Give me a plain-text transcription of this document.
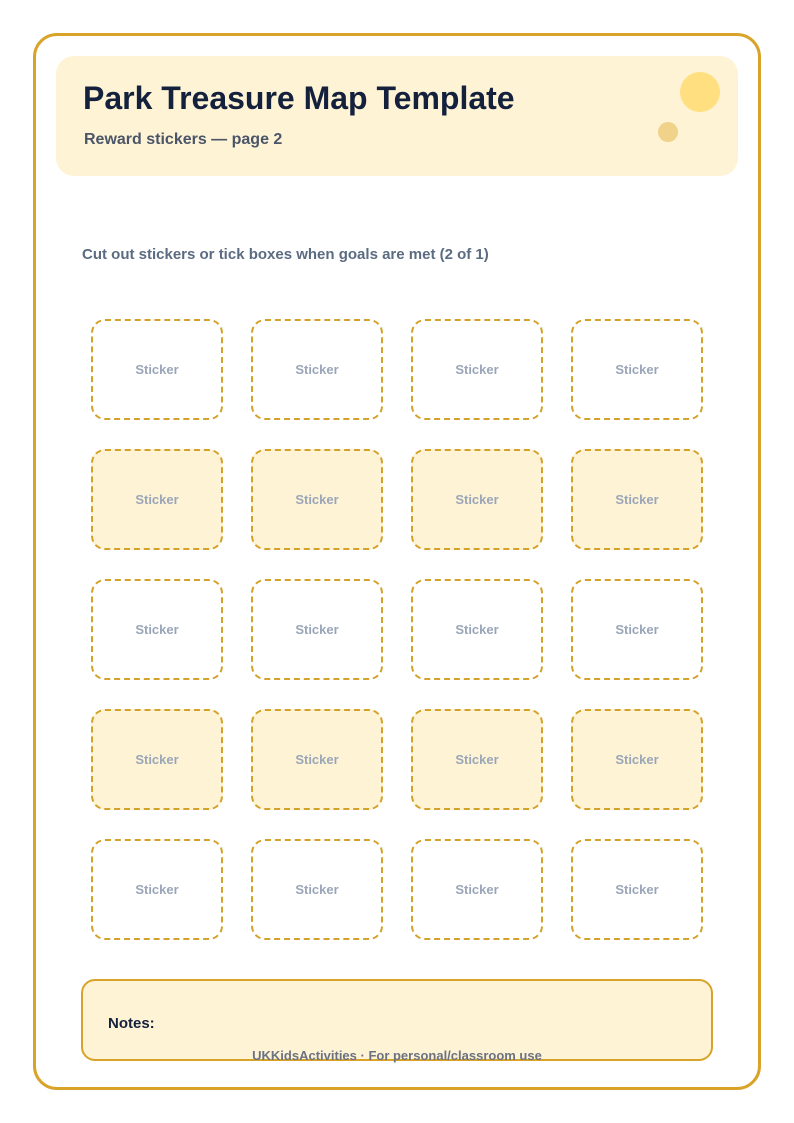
Park Treasure Map Template
Reward stickers — page 2
Cut out stickers or tick boxes when goals are met (2 of 1)
Sticker	Sticker	Sticker	Sticker
Sticker	Sticker	Sticker	Sticker
Sticker	Sticker	Sticker	Sticker
Sticker	Sticker	Sticker	Sticker
Sticker	Sticker	Sticker	Sticker
Notes:
UKKidsActivities · For personal/classroom use
